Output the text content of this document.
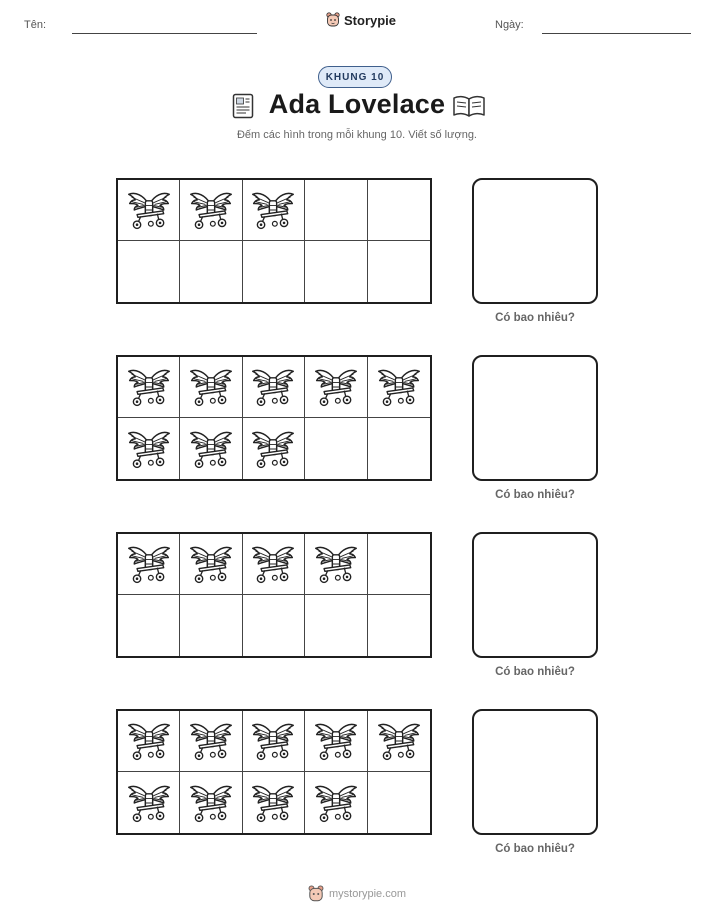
Tên:	Storypie	Ngày:
KHUNG 10
Ada Lovelace
Đếm các hình trong mỗi khung 10. Viết số lượng.
Có bao nhiêu?
Có bao nhiêu?
Có bao nhiêu?
Có bao nhiêu?
mystorypie.com
